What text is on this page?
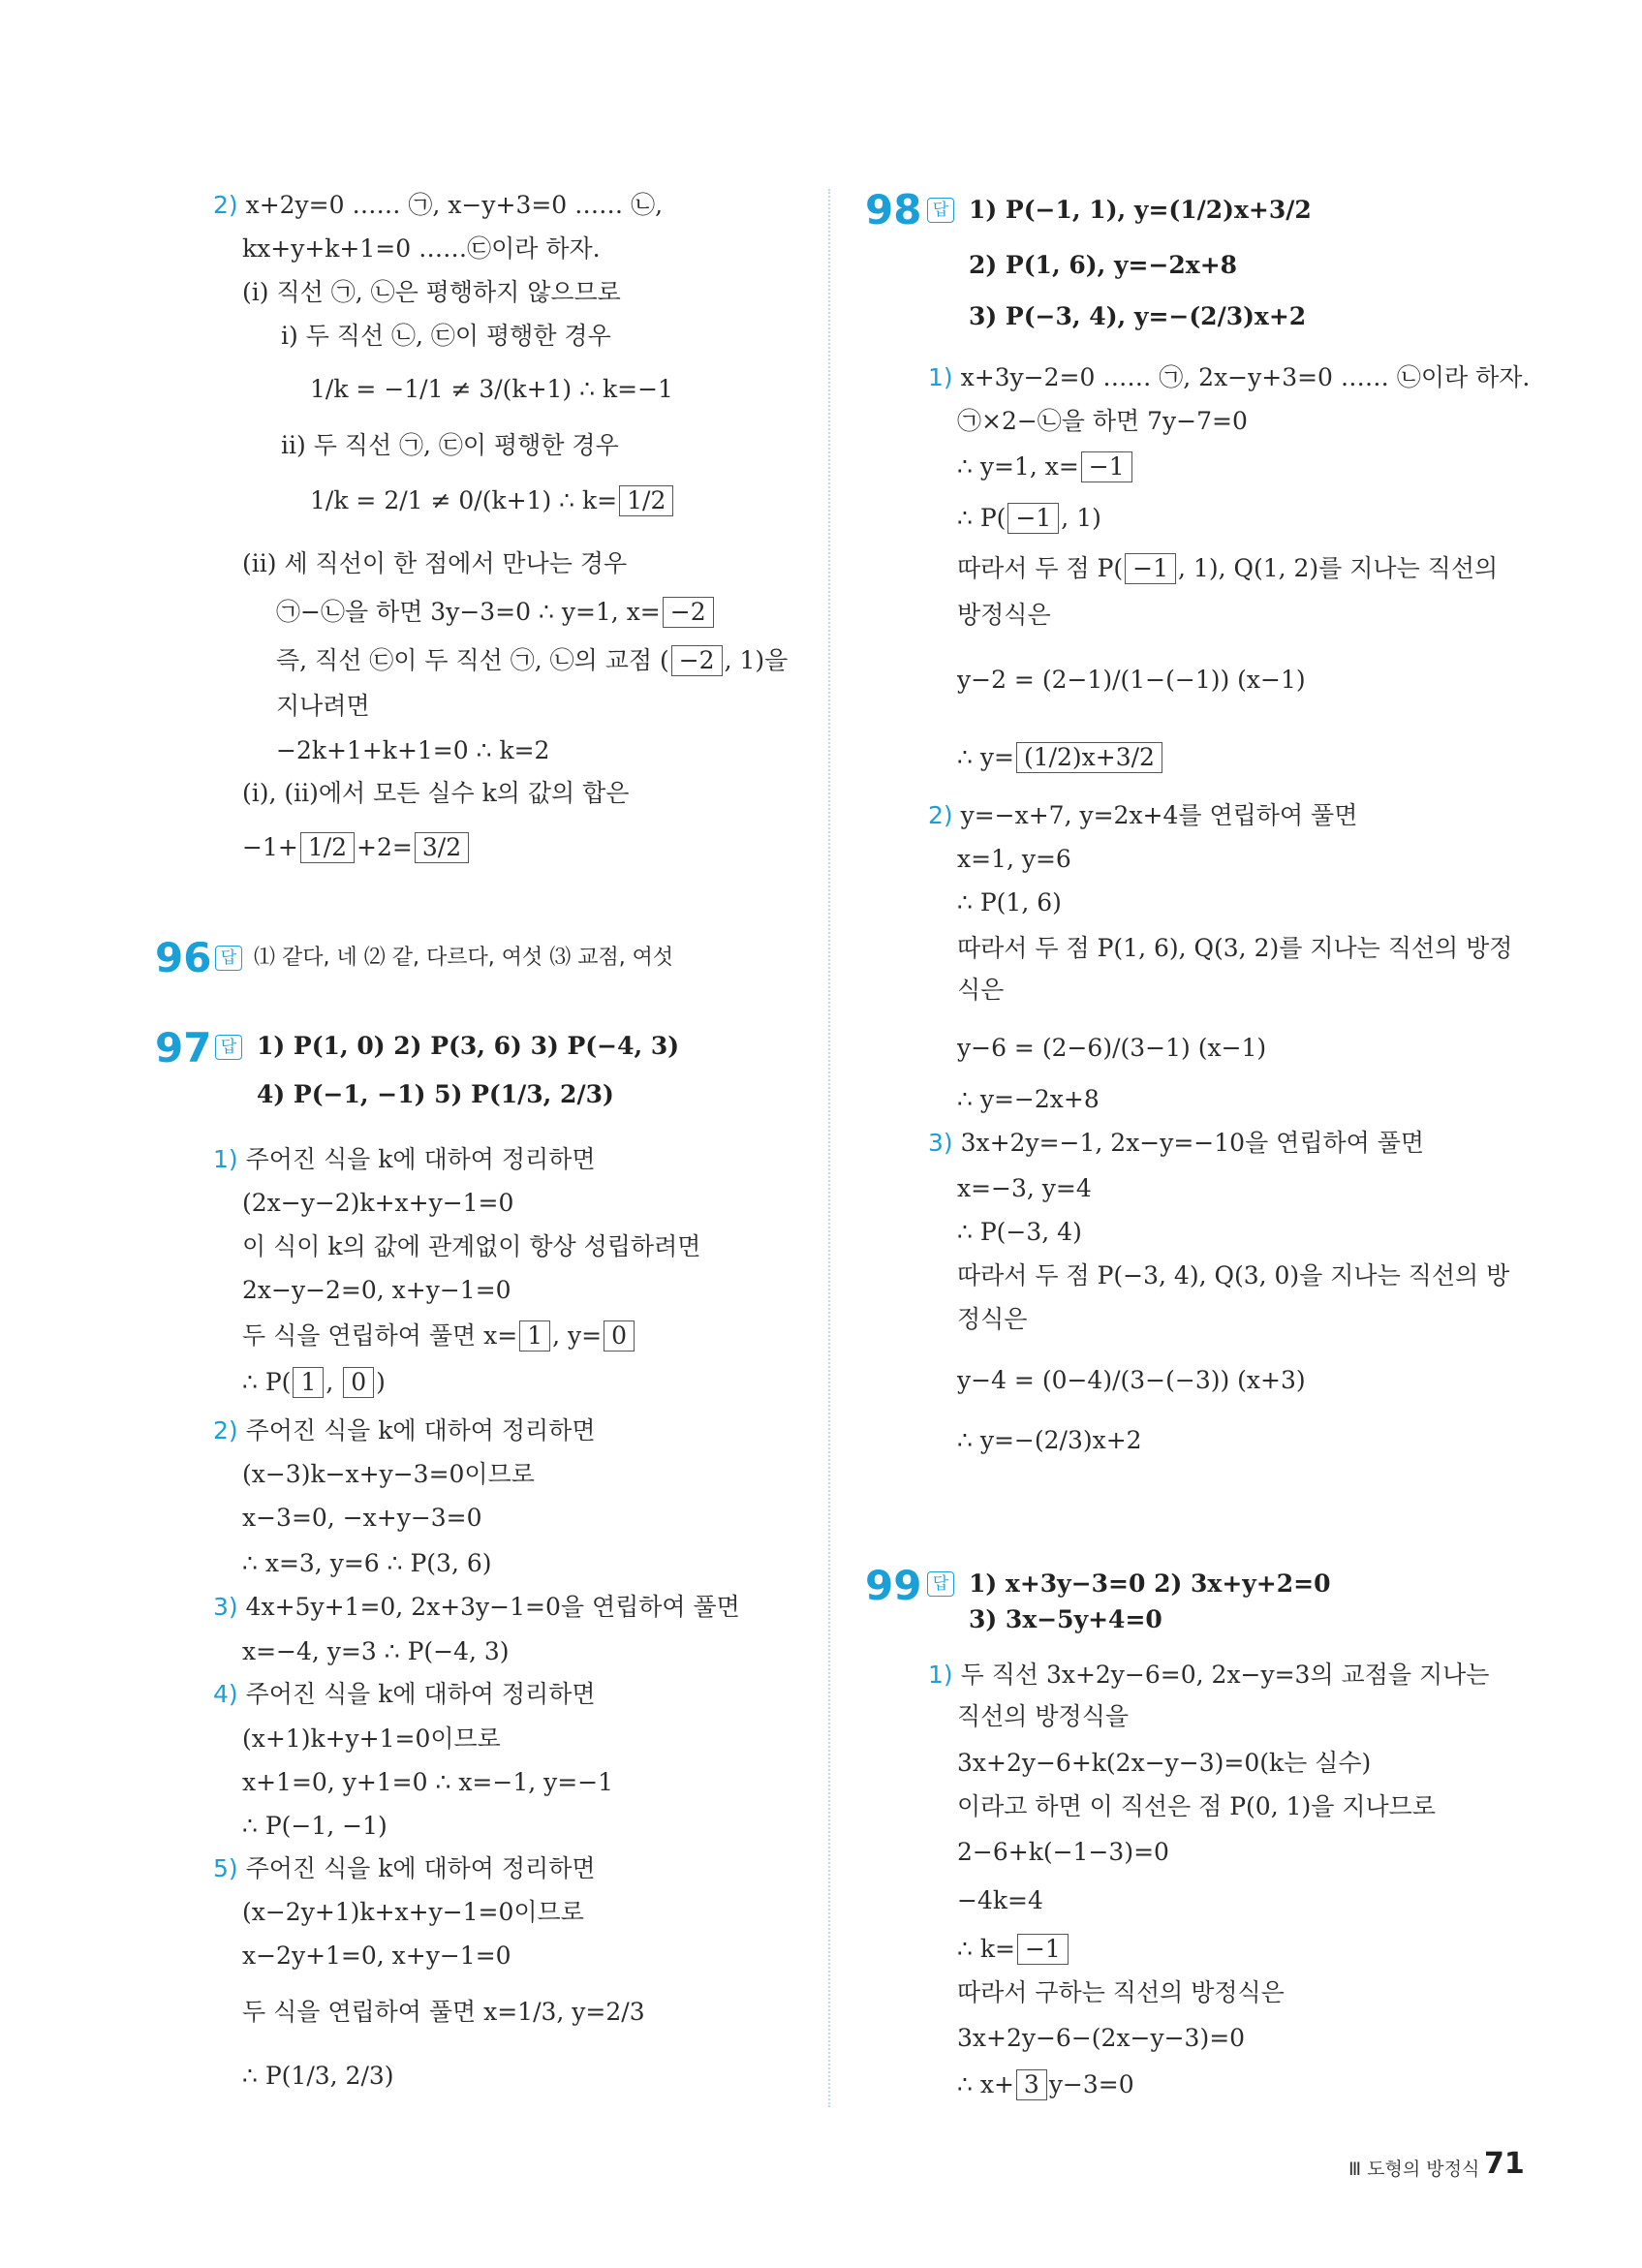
2) x+2y=0 …… ㉠, x−y+3=0 …… ㉡,
kx+y+k+1=0 ……㉢이라 하자.
(ⅰ) 직선 ㉠, ㉡은 평행하지 않으므로
ⅰ) 두 직선 ㉡, ㉢이 평행한 경우
1/k = −1/1 ≠ 3/(k+1) ∴ k=−1
ⅱ) 두 직선 ㉠, ㉢이 평행한 경우
1/k = 2/1 ≠ 0/(k+1) ∴ k= 1/2
(ⅱ) 세 직선이 한 점에서 만나는 경우
㉠−㉡을 하면 3y−3=0 ∴ y=1, x= −2
즉, 직선 ㉢이 두 직선 ㉠, ㉡의 교점 ( −2 , 1)을
지나려면
−2k+1+k+1=0 ∴ k=2
(ⅰ), (ⅱ)에서 모든 실수 k의 값의 합은
−1+ 1/2 +2= 3/2
96 답 ⑴ 같다, 네 ⑵ 같, 다르다, 여섯 ⑶ 교점, 여섯
97 답 1) P(1, 0) 2) P(3, 6) 3) P(−4, 3)
4) P(−1, −1) 5) P(1/3, 2/3)
1) 주어진 식을 k에 대하여 정리하면
(2x−y−2)k+x+y−1=0
이 식이 k의 값에 관계없이 항상 성립하려면
2x−y−2=0, x+y−1=0
두 식을 연립하여 풀면 x= 1 , y= 0
∴ P( 1 , 0 )
2) 주어진 식을 k에 대하여 정리하면
(x−3)k−x+y−3=0이므로
x−3=0, −x+y−3=0
∴ x=3, y=6 ∴ P(3, 6)
3) 4x+5y+1=0, 2x+3y−1=0을 연립하여 풀면
x=−4, y=3 ∴ P(−4, 3)
4) 주어진 식을 k에 대하여 정리하면
(x+1)k+y+1=0이므로
x+1=0, y+1=0 ∴ x=−1, y=−1
∴ P(−1, −1)
5) 주어진 식을 k에 대하여 정리하면
(x−2y+1)k+x+y−1=0이므로
x−2y+1=0, x+y−1=0
두 식을 연립하여 풀면 x=1/3, y=2/3
∴ P(1/3, 2/3)
98 답 1) P(−1, 1), y=(1/2)x+3/2
2) P(1, 6), y=−2x+8
3) P(−3, 4), y=−(2/3)x+2
1) x+3y−2=0 …… ㉠, 2x−y+3=0 …… ㉡이라 하자.
㉠×2−㉡을 하면 7y−7=0
∴ y=1, x= −1
∴ P( −1 , 1)
따라서 두 점 P( −1 , 1), Q(1, 2)를 지나는 직선의
방정식은
y−2 = (2−1)/(1−(−1)) (x−1)
∴ y= (1/2)x+3/2
2) y=−x+7, y=2x+4를 연립하여 풀면
x=1, y=6
∴ P(1, 6)
따라서 두 점 P(1, 6), Q(3, 2)를 지나는 직선의 방정
식은
y−6 = (2−6)/(3−1) (x−1)
∴ y=−2x+8
3) 3x+2y=−1, 2x−y=−10을 연립하여 풀면
x=−3, y=4
∴ P(−3, 4)
따라서 두 점 P(−3, 4), Q(3, 0)을 지나는 직선의 방
정식은
y−4 = (0−4)/(3−(−3)) (x+3)
∴ y=−(2/3)x+2
99 답 1) x+3y−3=0 2) 3x+y+2=0
3) 3x−5y+4=0
1) 두 직선 3x+2y−6=0, 2x−y=3의 교점을 지나는
직선의 방정식을
3x+2y−6+k(2x−y−3)=0(k는 실수)
이라고 하면 이 직선은 점 P(0, 1)을 지나므로
2−6+k(−1−3)=0
−4k=4
∴ k= −1
따라서 구하는 직선의 방정식은
3x+2y−6−(2x−y−3)=0
∴ x+ 3 y−3=0
Ⅲ 도형의 방정식 71
